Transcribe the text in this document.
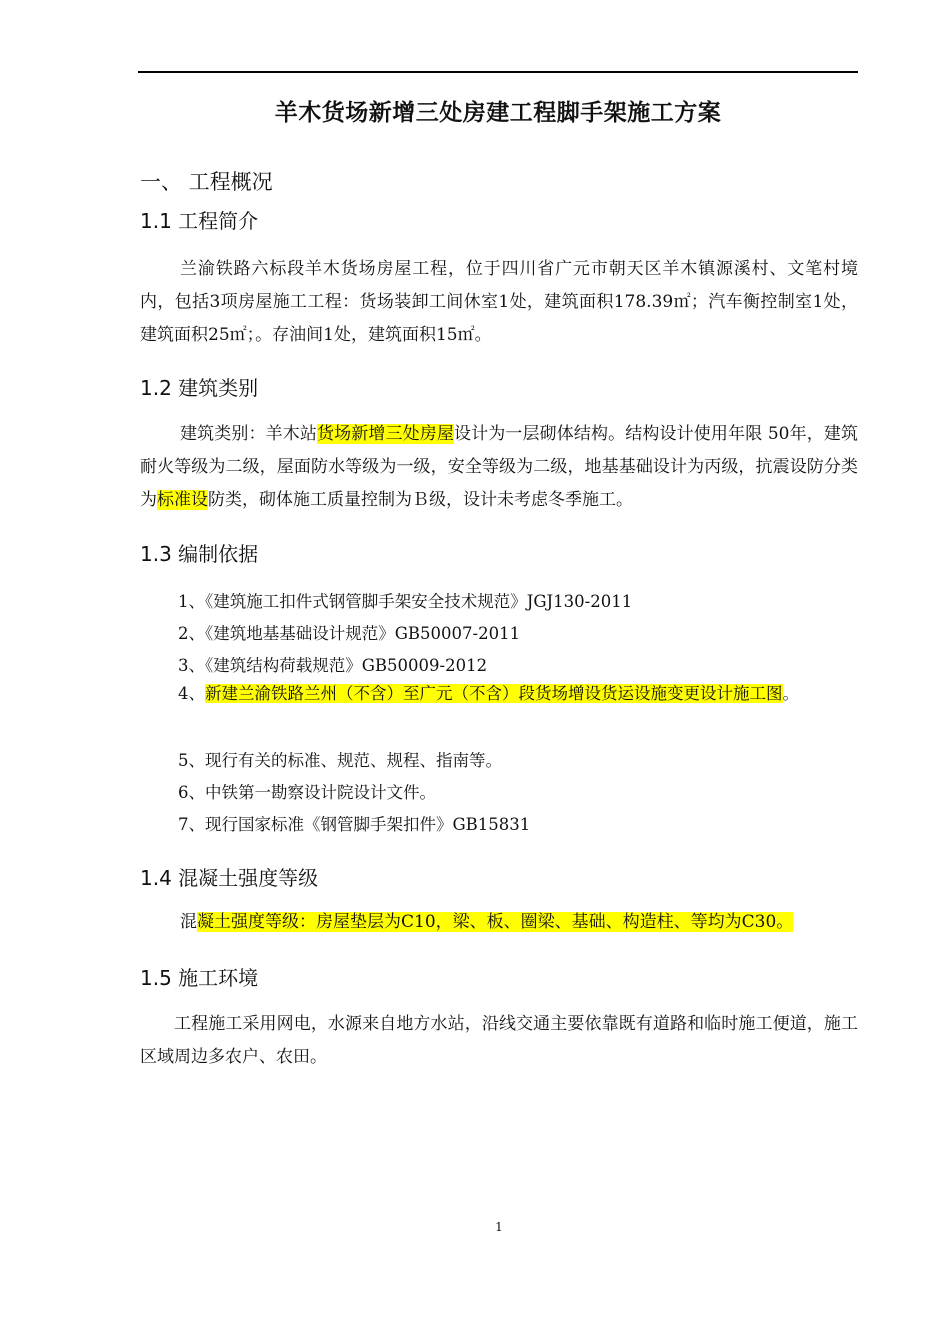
羊木货场新增三处房建工程脚手架施工方案
一、 工程概况
1.1 工程简介
兰渝铁路六标段羊木货场房屋工程，位于四川省广元市朝天区羊木镇源溪村、文笔村境内，包括3项房屋施工工程：货场装卸工间休室1处，建筑面积178.39㎡；汽车衡控制室1处，建筑面积25㎡；。存油间1处，建筑面积15㎡。
1.2 建筑类别
建筑类别：羊木站货场新增三处房屋设计为一层砌体结构。结构设计使用年限 50年，建筑耐火等级为二级，屋面防水等级为一级，安全等级为二级，地基基础设计为丙级，抗震设防分类为标准设防类，砌体施工质量控制为Ｂ级，设计未考虑冬季施工。
1.3 编制依据
1、《建筑施工扣件式钢管脚手架安全技术规范》JGJ130-2011
2、《建筑地基基础设计规范》GB50007-2011
3、《建筑结构荷载规范》GB50009-2012
4、新建兰渝铁路兰州（不含）至广元（不含）段货场增设货运设施变更设计施工图。
5、现行有关的标准、规范、规程、指南等。
6、中铁第一勘察设计院设计文件。
7、现行国家标准《钢管脚手架扣件》GB15831
1.4 混凝土强度等级
混凝土强度等级：房屋垫层为C10，梁、板、圈梁、基础、构造柱、等均为C30。
1.5 施工环境
工程施工采用网电，水源来自地方水站，沿线交通主要依靠既有道路和临时施工便道，施工区域周边多农户、农田。
1
